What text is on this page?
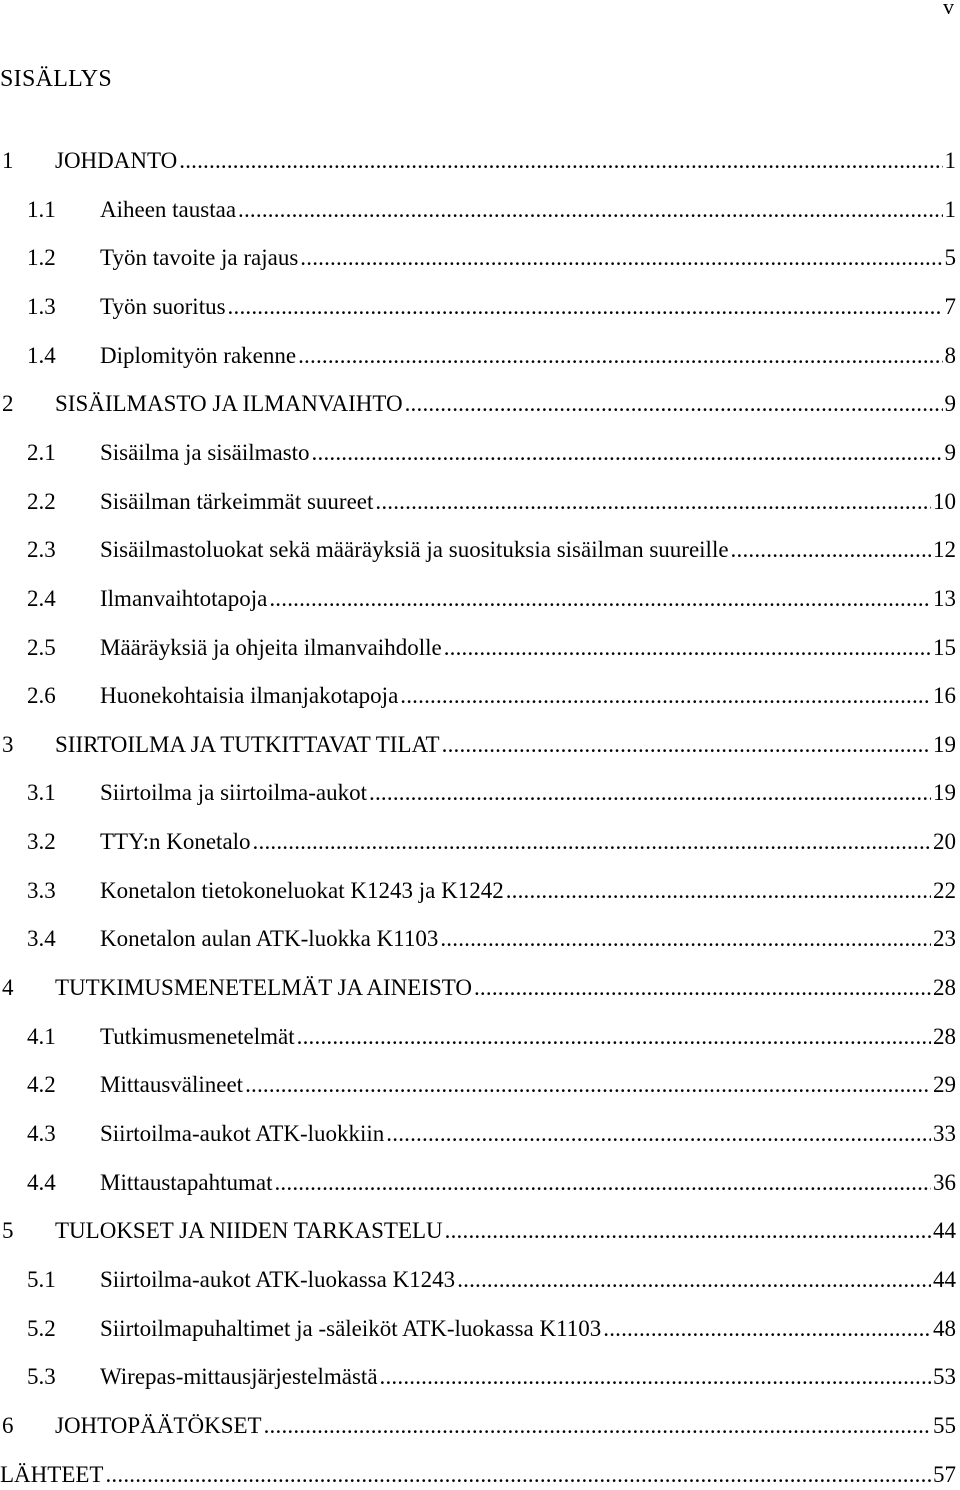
v
SISÄLLYS
1	JOHDANTO .....	1
1.1	Aiheen taustaa .....	1
1.2	Työn tavoite ja rajaus .....	5
1.3	Työn suoritus .....	7
1.4	Diplomityön rakenne .....	8
2	SISÄILMASTO JA ILMANVAIHTO .....	9
2.1	Sisäilma ja sisäilmasto .....	9
2.2	Sisäilman tärkeimmät suureet .....	10
2.3	Sisäilmastoluokat sekä määräyksiä ja suosituksia sisäilman suureille .....	12
2.4	Ilmanvaihtotapoja .....	13
2.5	Määräyksiä ja ohjeita ilmanvaihdolle .....	15
2.6	Huonekohtaisia ilmanjakotapoja .....	16
3	SIIRTOILMA JA TUTKITTAVAT TILAT .....	19
3.1	Siirtoilma ja siirtoilma-aukot .....	19
3.2	TTY:n Konetalo .....	20
3.3	Konetalon tietokoneluokat K1243 ja K1242 .....	22
3.4	Konetalon aulan ATK-luokka K1103 .....	23
4	TUTKIMUSMENETELMÄT JA AINEISTO .....	28
4.1	Tutkimusmenetelmät .....	28
4.2	Mittausvälineet .....	29
4.3	Siirtoilma-aukot ATK-luokkiin .....	33
4.4	Mittaustapahtumat .....	36
5	TULOKSET JA NIIDEN TARKASTELU .....	44
5.1	Siirtoilma-aukot ATK-luokassa K1243 .....	44
5.2	Siirtoilmapuhaltimet ja -säleiköt ATK-luokassa K1103 .....	48
5.3	Wirepas-mittausjärjestelmästä .....	53
6	JOHTOPÄÄTÖKSET .....	55
LÄHTEET .....	57
